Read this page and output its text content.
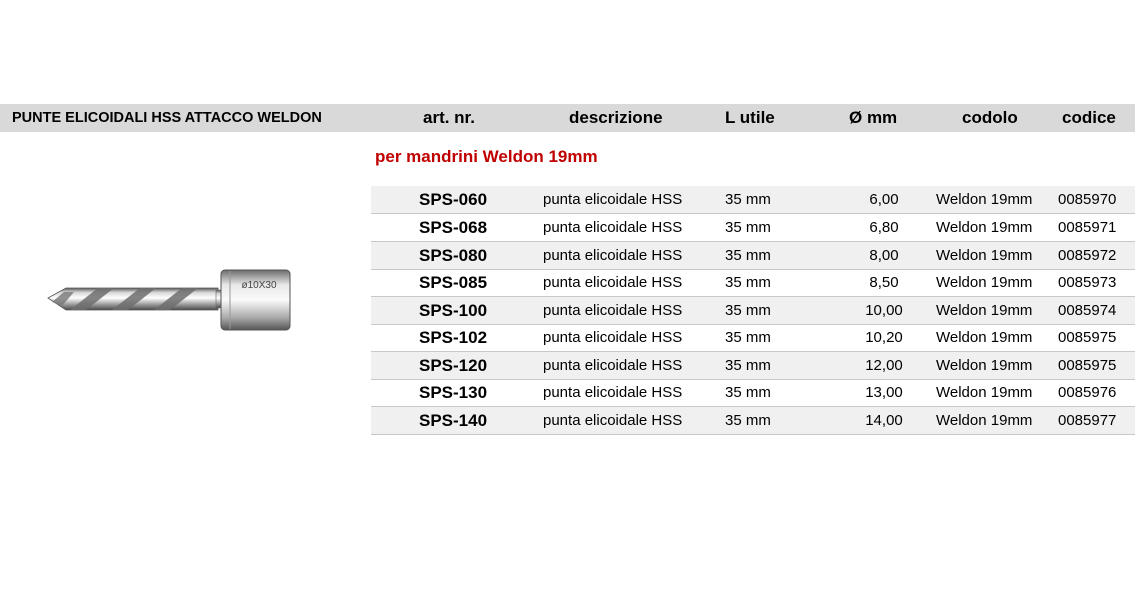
PUNTE ELICOIDALI HSS ATTACCO WELDON	art. nr.	descrizione	L utile	Ø mm	codolo	codice
per mandrini Weldon 19mm
ø10X30
SPS-060	punta elicoidale HSS	35 mm	6,00	Weldon 19mm 0085970
SPS-068	punta elicoidale HSS	35 mm	6,80	Weldon 19mm 0085971
SPS-080	punta elicoidale HSS	35 mm	8,00	Weldon 19mm 0085972
SPS-085	punta elicoidale HSS	35 mm	8,50	Weldon 19mm 0085973
SPS-100	punta elicoidale HSS	35 mm	10,00	Weldon 19mm 0085974
SPS-102	punta elicoidale HSS	35 mm	10,20	Weldon 19mm 0085975
SPS-120	punta elicoidale HSS	35 mm	12,00	Weldon 19mm 0085975
SPS-130	punta elicoidale HSS	35 mm	13,00	Weldon 19mm 0085976
SPS-140	punta elicoidale HSS	35 mm	14,00	Weldon 19mm 0085977
